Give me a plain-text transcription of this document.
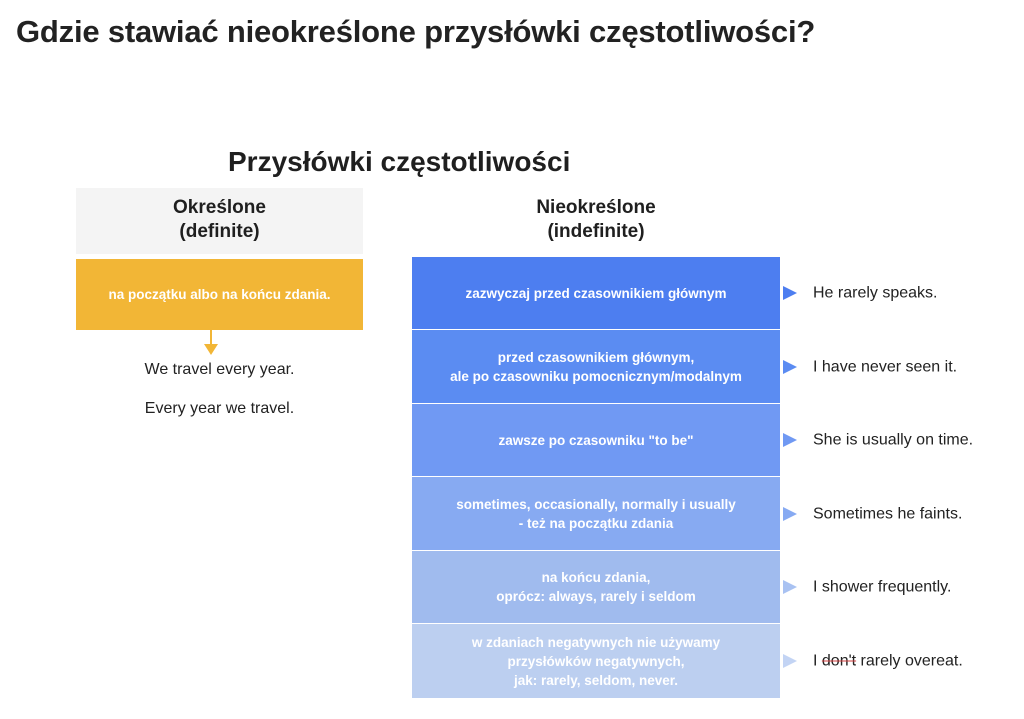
Gdzie stawiać nieokreślone przysłówki częstotliwości?
Przysłówki częstotliwości
Określone
(definite)
na początku albo na końcu zdania.
We travel every year.
Every year we travel.
Nieokreślone
(indefinite)
zazwyczaj przed czasownikiem głównym	He rarely speaks.
przed czasownikiem głównym,
ale po czasowniku pomocnicznym/modalnym
I have never seen it.
zawsze po czasowniku "to be"	She is usually on time.
sometimes, occasionally, normally i usually
- też na początku zdania
Sometimes he faints.
na końcu zdania,
oprócz: always, rarely i seldom
I shower frequently.
w zdaniach negatywnych nie używamy
przysłówków negatywnych,
jak: rarely, seldom, never.
I don't rarely overeat.
